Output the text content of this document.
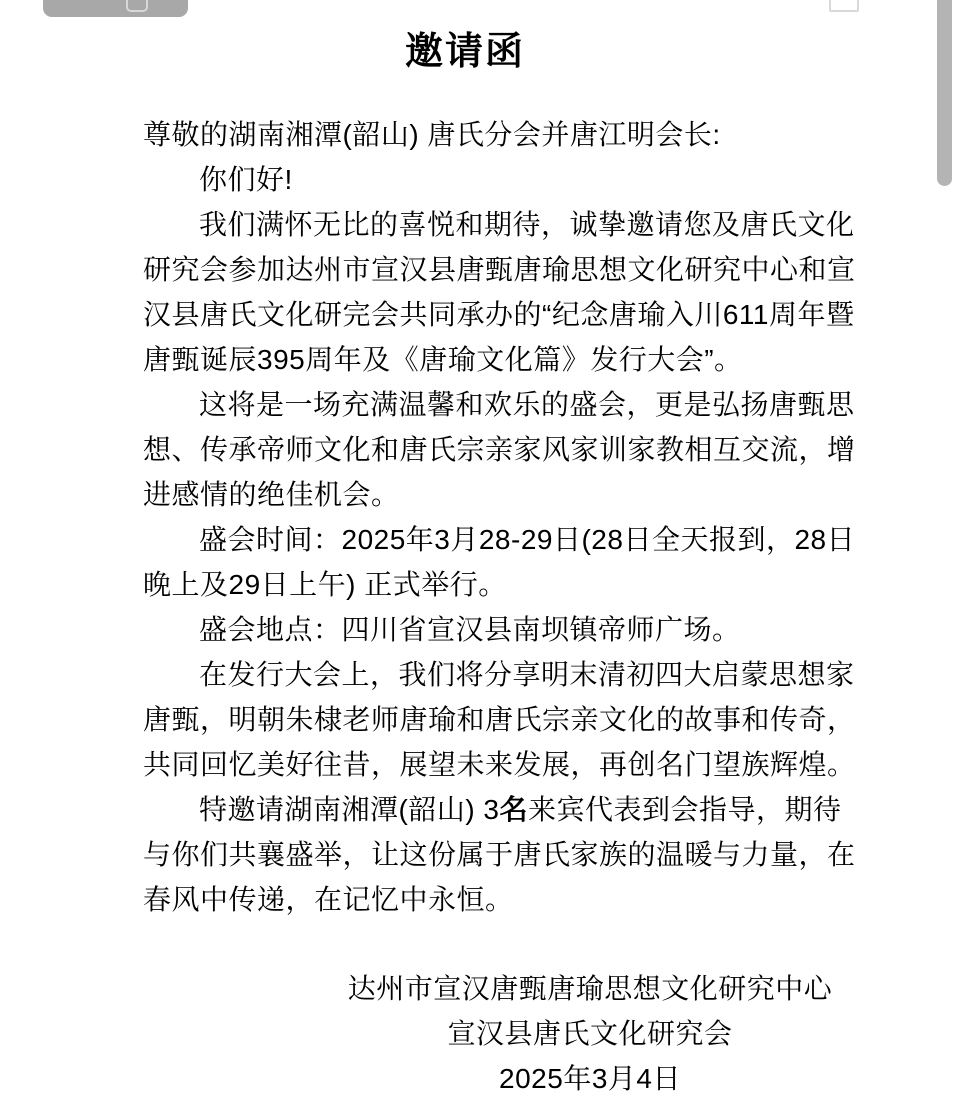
邀请函
尊敬的湖南湘潭(韶山) 唐氏分会并唐江明会长:
你们好!
我们满怀无比的喜悦和期待，诚挚邀请您及唐氏文化
研究会参加达州市宣汉县唐甄唐瑜思想文化研究中心和宣
汉县唐氏文化研完会共同承办的“纪念唐瑜入川611周年暨
唐甄诞辰395周年及《唐瑜文化篇》发行大会”。
这将是一场充满温馨和欢乐的盛会，更是弘扬唐甄思
想、传承帝师文化和唐氏宗亲家风家训家教相互交流，增
进感情的绝佳机会。
盛会时间：2025年3月28-29日(28日全天报到，28日
晚上及29日上午) 正式举行。
盛会地点：四川省宣汉县南坝镇帝师广场。
在发行大会上，我们将分享明末清初四大启蒙思想家
唐甄，明朝朱棣老师唐瑜和唐氏宗亲文化的故事和传奇，
共同回忆美好往昔，展望未来发展，再创名门望族辉煌。
特邀请湖南湘潭(韶山) 3名来宾代表到会指导，期待
与你们共襄盛举，让这份属于唐氏家族的温暖与力量，在
春风中传递，在记忆中永恒。
达州市宣汉唐甄唐瑜思想文化研究中心
宣汉县唐氏文化研究会
2025年3月4日
